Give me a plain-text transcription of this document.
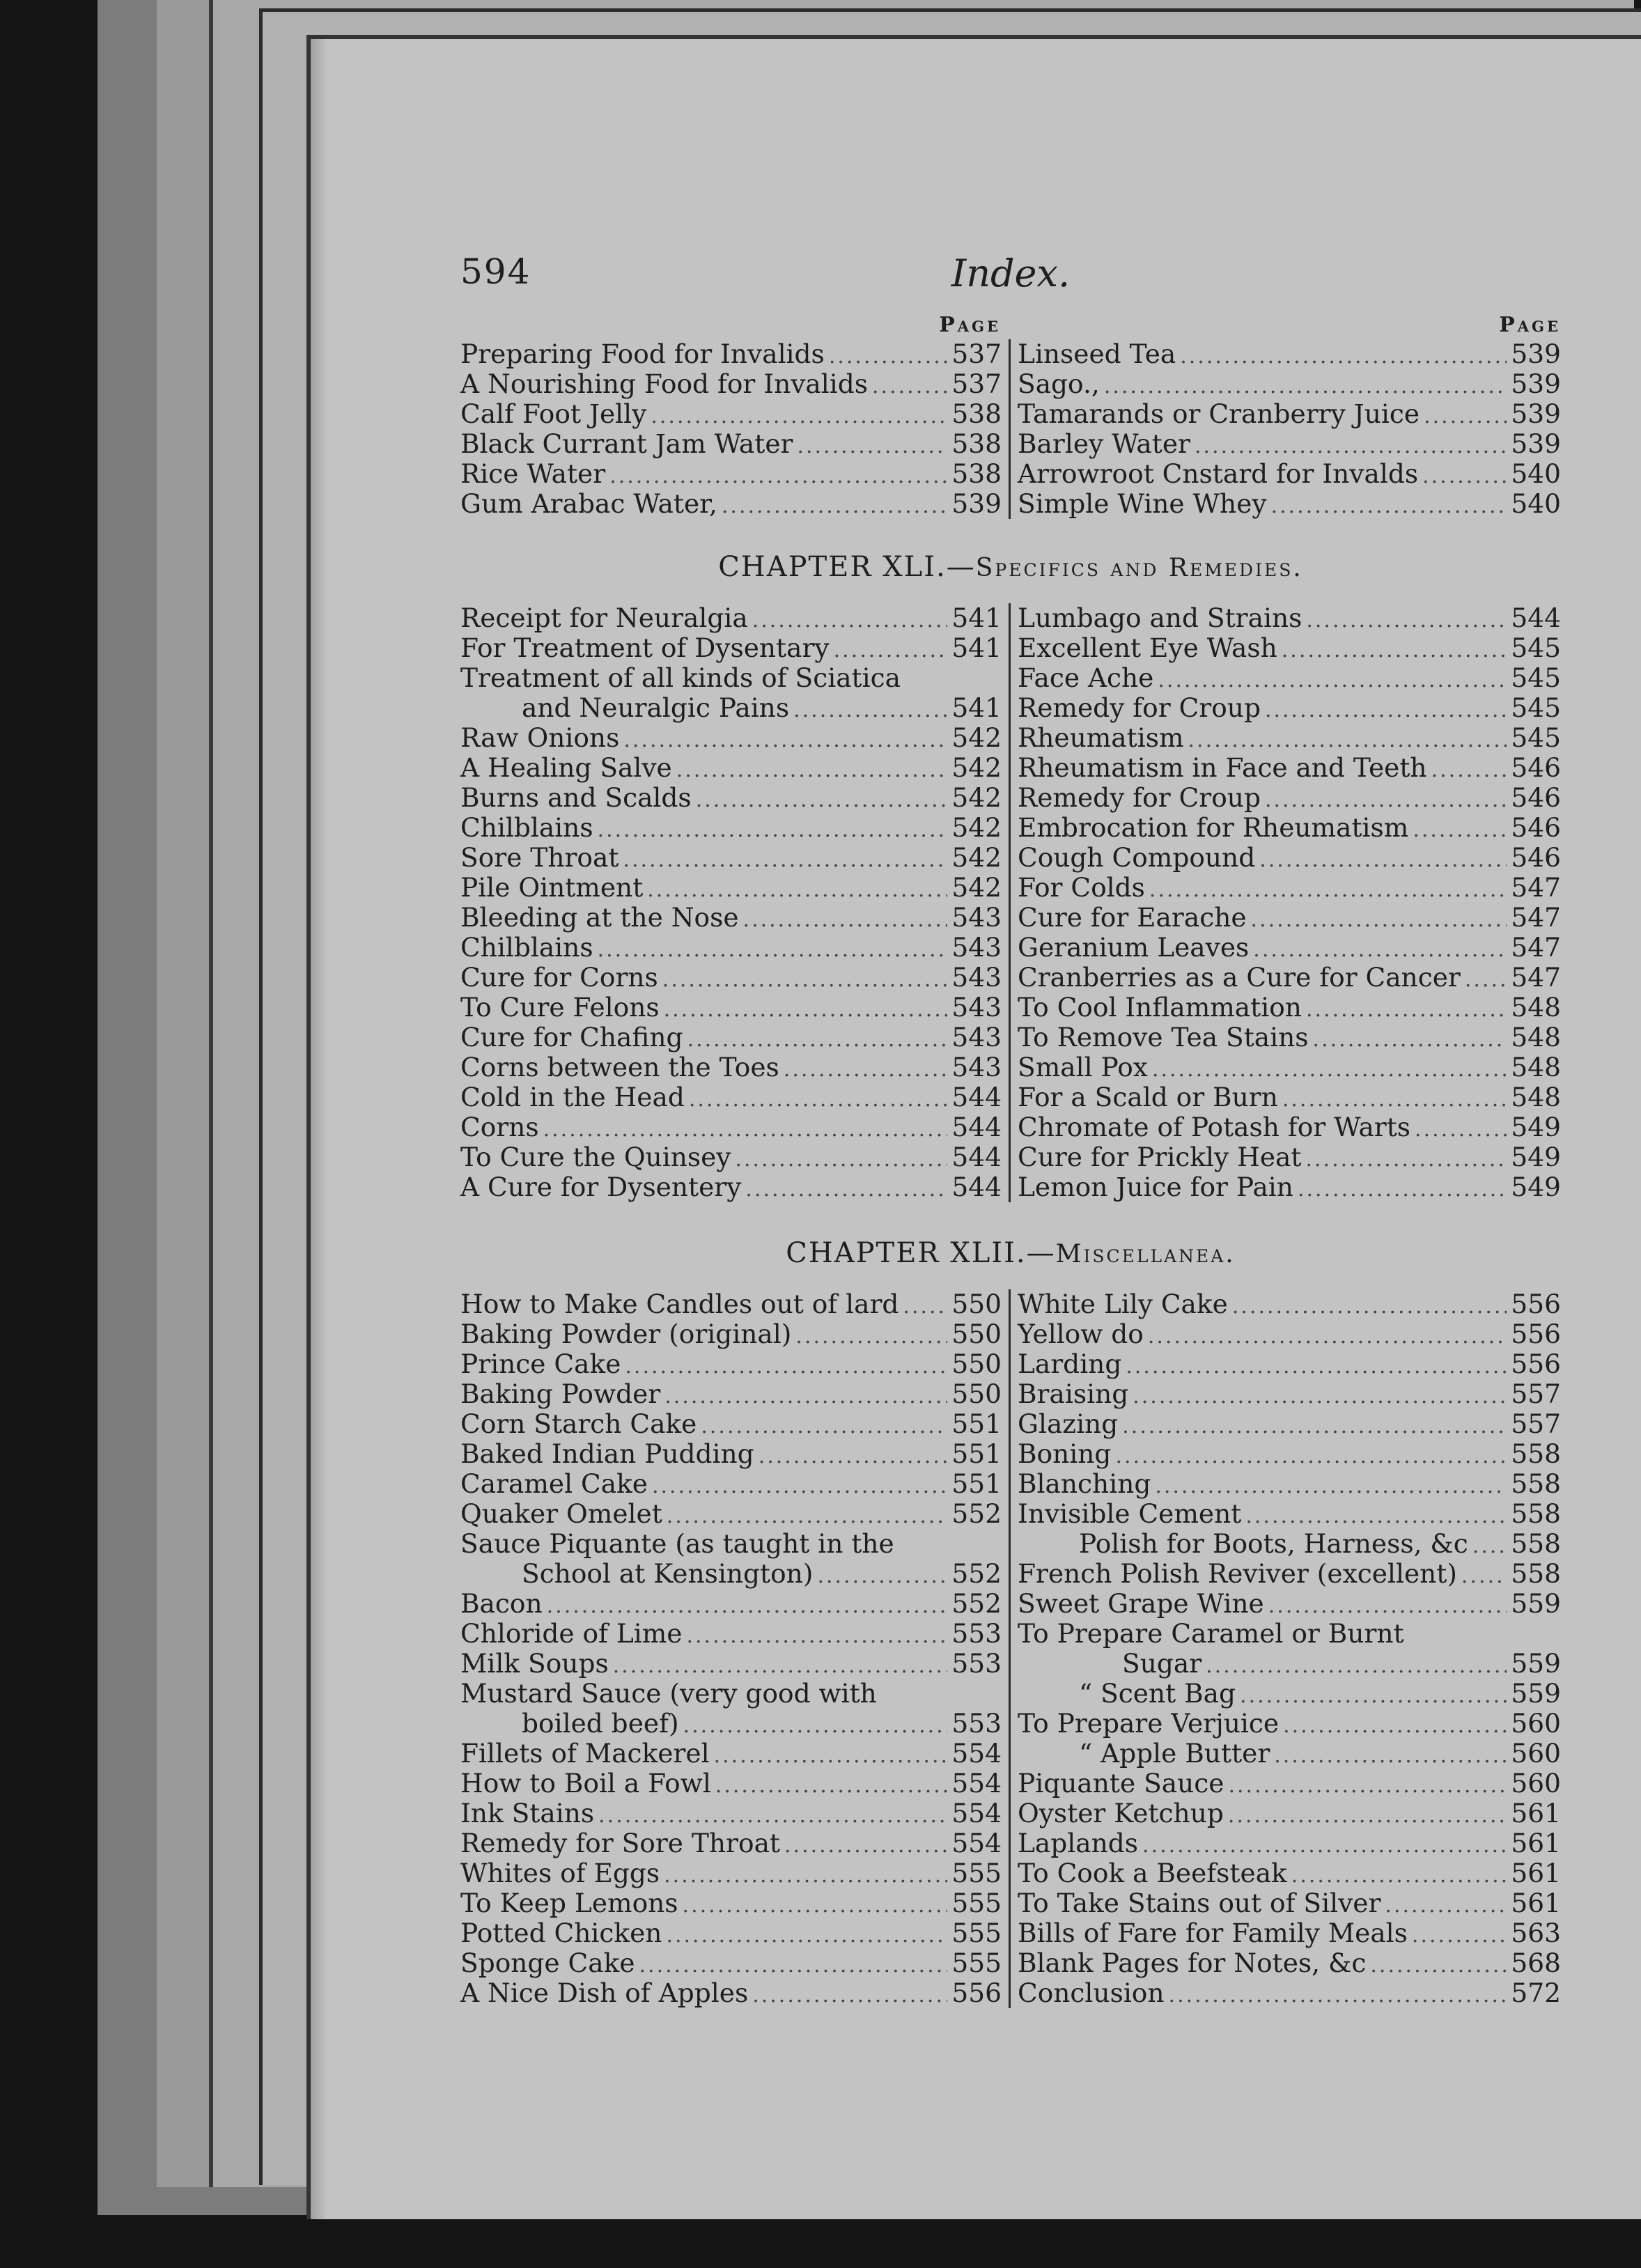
594	Index.
Page	Page
Preparing Food for Invalids .....	537
A Nourishing Food for Invalids .....	537
Calf Foot Jelly .....	538
Black Currant Jam Water .....	538
Rice Water .....	538
Gum Arabac Water, .....	539
Linseed Tea .....	539
Sago., .....	539
Tamarands or Cranberry Juice .....	539
Barley Water .....	539
Arrowroot Cnstard for Invalds .....	540
Simple Wine Whey .....	540
CHAPTER XLI.—Specifics and Remedies.
Receipt for Neuralgia .....	541
For Treatment of Dysentary .....	541
Treatment of all kinds of Sciatica
and Neuralgic Pains .....	541
Raw Onions .....	542
A Healing Salve .....	542
Burns and Scalds .....	542
Chilblains .....	542
Sore Throat .....	542
Pile Ointment .....	542
Bleeding at the Nose .....	543
Chilblains .....	543
Cure for Corns .....	543
To Cure Felons .....	543
Cure for Chafing .....	543
Corns between the Toes .....	543
Cold in the Head .....	544
Corns .....	544
To Cure the Quinsey .....	544
A Cure for Dysentery .....	544
Lumbago and Strains .....	544
Excellent Eye Wash .....	545
Face Ache .....	545
Remedy for Croup .....	545
Rheumatism .....	545
Rheumatism in Face and Teeth .....	546
Remedy for Croup .....	546
Embrocation for Rheumatism .....	546
Cough Compound .....	546
For Colds .....	547
Cure for Earache .....	547
Geranium Leaves .....	547
Cranberries as a Cure for Cancer ..... 547
To Cool Inflammation .....	548
To Remove Tea Stains .....	548
Small Pox .....	548
For a Scald or Burn .....	548
Chromate of Potash for Warts .....	549
Cure for Prickly Heat .....	549
Lemon Juice for Pain .....	549
CHAPTER XLII.—Miscellanea.
How to Make Candles out of lard ..... 550
Baking Powder (original) .....	550
Prince Cake .....	550
Baking Powder .....	550
Corn Starch Cake .....	551
Baked Indian Pudding .....	551
Caramel Cake .....	551
Quaker Omelet .....	552
Sauce Piquante (as taught in the
School at Kensington) .....	552
Bacon .....	552
Chloride of Lime .....	553
Milk Soups .....	553
Mustard Sauce (very good with
boiled beef) .....	553
Fillets of Mackerel .....	554
How to Boil a Fowl .....	554
Ink Stains .....	554
Remedy for Sore Throat .....	554
Whites of Eggs .....	555
To Keep Lemons .....	555
Potted Chicken .....	555
Sponge Cake .....	555
A Nice Dish of Apples .....	556
White Lily Cake .....	556
Yellow do .....	556
Larding .....	556
Braising .....	557
Glazing .....	557
Boning .....	558
Blanching .....	558
Invisible Cement .....	558
Polish for Boots, Harness, &c ..... 558
French Polish Reviver (excellent) ..... 558
Sweet Grape Wine .....	559
To Prepare Caramel or Burnt
Sugar .....	559
“ Scent Bag .....	559
To Prepare Verjuice .....	560
“ Apple Butter .....	560
Piquante Sauce .....	560
Oyster Ketchup .....	561
Laplands .....	561
To Cook a Beefsteak .....	561
To Take Stains out of Silver .....	561
Bills of Fare for Family Meals .....	563
Blank Pages for Notes, &c .....	568
Conclusion .....	572
